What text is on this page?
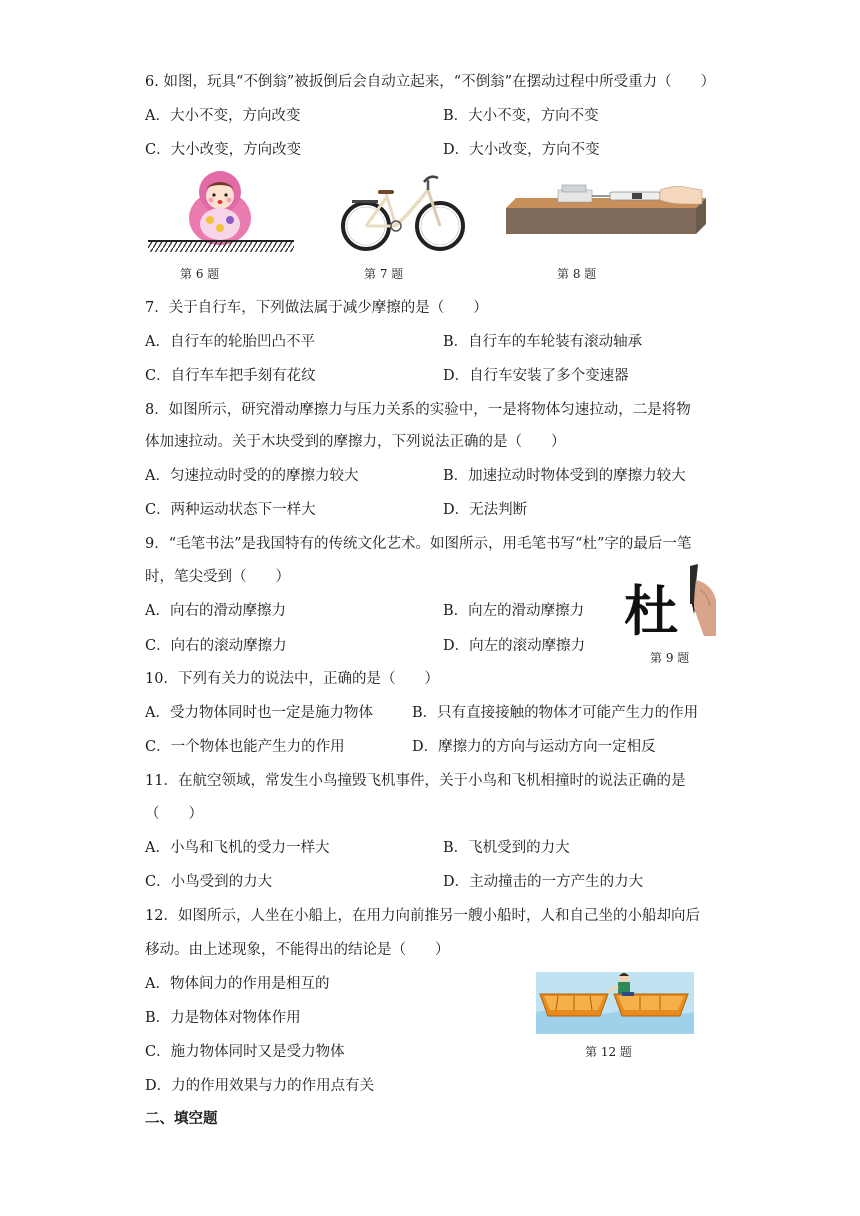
6. 如图，玩具“不倒翁”被扳倒后会自动立起来，“不倒翁”在摆动过程中所受重力（　　）
A．大小不变，方向改变	B．大小不变，方向不变
C．大小改变，方向改变	D．大小改变，方向不变
第 6 题	第 7 题	第 8 题
7．关于自行车，下列做法属于减少摩擦的是（　　）
A．自行车的轮胎凹凸不平	B．自行车的车轮装有滚动轴承
C．自行车车把手刻有花纹	D．自行车安装了多个变速器
8．如图所示，研究滑动摩擦力与压力关系的实验中，一是将物体匀速拉动，二是将物
体加速拉动。关于木块受到的摩擦力，下列说法正确的是（　　）
A．匀速拉动时受的的摩擦力较大	B．加速拉动时物体受到的摩擦力较大
C．两种运动状态下一样大	D．无法判断
9．“毛笔书法”是我国特有的传统文化艺术。如图所示，用毛笔书写“杜”字的最后一笔
时，笔尖受到（　　）
A．向右的滑动摩擦力	B．向左的滑动摩擦力
C．向右的滚动摩擦力	D．向左的滚动摩擦力
杜
第 9 题
10．下列有关力的说法中，正确的是（　　）
A．受力物体同时也一定是施力物体	B．只有直接接触的物体才可能产生力的作用
C．一个物体也能产生力的作用	D．摩擦力的方向与运动方向一定相反
11．在航空领域，常发生小鸟撞毁飞机事件，关于小鸟和飞机相撞时的说法正确的是
（　　）
A．小鸟和飞机的受力一样大	B．飞机受到的力大
C．小鸟受到的力大	D．主动撞击的一方产生的力大
12．如图所示，人坐在小船上，在用力向前推另一艘小船时，人和自己坐的小船却向后
移动。由上述现象，不能得出的结论是（　　）
A．物体间力的作用是相互的
B．力是物体对物体作用
C．施力物体同时又是受力物体
D．力的作用效果与力的作用点有关
第 12 题
二、填空题
